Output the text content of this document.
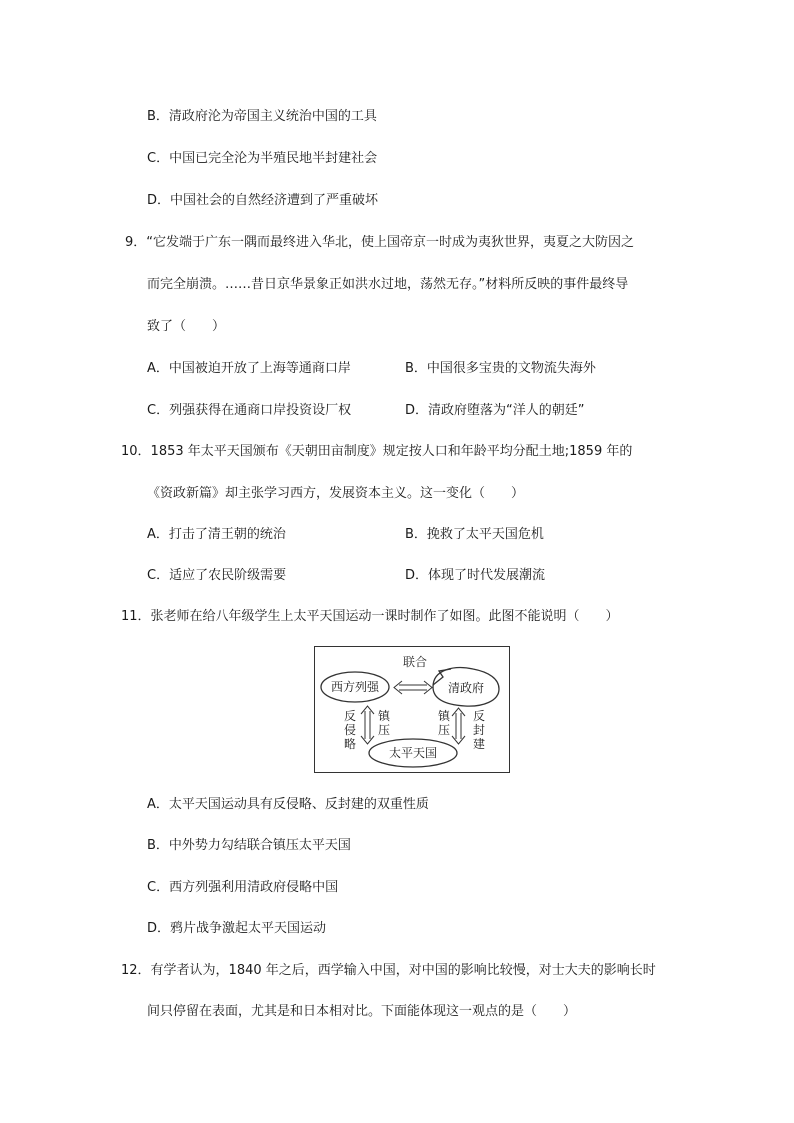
B．清政府沦为帝国主义统治中国的工具
C．中国已完全沦为半殖民地半封建社会
D．中国社会的自然经济遭到了严重破坏
9．“它发端于广东一隅而最终进入华北，使上国帝京一时成为夷狄世界，夷夏之大防因之
而完全崩溃。……昔日京华景象正如洪水过地，荡然无存。”材料所反映的事件最终导
致了（　　）
A．中国被迫开放了上海等通商口岸	B．中国很多宝贵的文物流失海外
C．列强获得在通商口岸投资设厂权	D．清政府堕落为“洋人的朝廷”
10．1853 年太平天国颁布《天朝田亩制度》规定按人口和年龄平均分配土地;1859 年的
《资政新篇》却主张学习西方，发展资本主义。这一变化（　　）
A．打击了清王朝的统治	B．挽救了太平天国危机
C．适应了农民阶级需要	D．体现了时代发展潮流
11．张老师在给八年级学生上太平天国运动一课时制作了如图。此图不能说明（　　）
联合
西方列强	清政府
太平天国
反侵略
镇压
镇压
反封建
A．太平天国运动具有反侵略、反封建的双重性质
B．中外势力勾结联合镇压太平天国
C．西方列强利用清政府侵略中国
D．鸦片战争激起太平天国运动
12．有学者认为，1840 年之后，西学输入中国，对中国的影响比较慢，对士大夫的影响长时
间只停留在表面，尤其是和日本相对比。下面能体现这一观点的是（　　）
